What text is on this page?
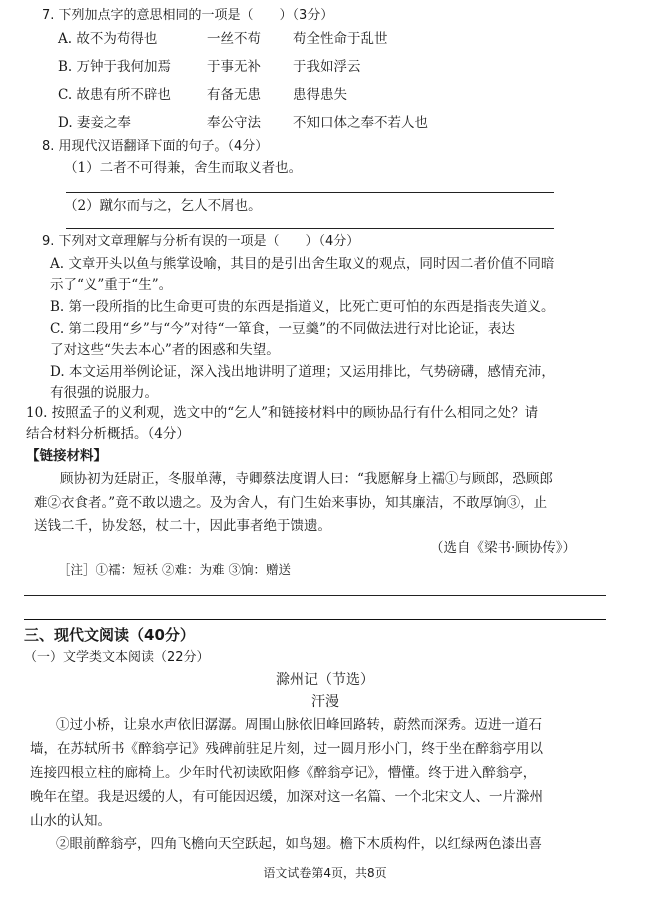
7. 下列加点字的意思相同的一项是（　　）（3分）
A. 故不为苟得也	一丝不苟 苟全性命于乱世
B. 万钟于我何加焉	于事无补 于我如浮云
C. 故患有所不辟也	有备无患 患得患失
D. 妻妾之奉	奉公守法 不知口体之奉不若人也
8. 用现代汉语翻译下面的句子。（4分）
（1）二者不可得兼，舍生而取义者也。
（2）蹴尔而与之，乞人不屑也。
9. 下列对文章理解与分析有误的一项是（　　）（4分）
A. 文章开头以鱼与熊掌设喻，其目的是引出舍生取义的观点，同时因二者价值不同暗
示了“义”重于“生”。
B. 第一段所指的比生命更可贵的东西是指道义，比死亡更可怕的东西是指丧失道义。
C. 第二段用“乡”与“今”对待“一箪食，一豆羹”的不同做法进行对比论证，表达
了对这些“失去本心”者的困惑和失望。
D. 本文运用举例论证，深入浅出地讲明了道理；又运用排比，气势磅礴，感情充沛，
有很强的说服力。
10. 按照孟子的义利观，选文中的“乞人”和链接材料中的顾协品行有什么相同之处？请
结合材料分析概括。（4分）
【链接材料】
顾协初为廷尉正，冬服单薄，寺卿蔡法度谓人曰：“我愿解身上襦①与顾郎，恐顾郎
难②衣食者。”竟不敢以遗之。及为舍人，有门生始来事协，知其廉洁，不敢厚饷③，止
送钱二千，协发怒，杖二十，因此事者绝于馈遗。
（选自《梁书·顾协传》）
［注］①襦：短袄 ②难：为难 ③饷：赠送
三、现代文阅读（40分）
（一）文学类文本阅读（22分）
滁州记（节选）
汗漫
①过小桥，让泉水声依旧潺潺。周围山脉依旧峰回路转，蔚然而深秀。迈进一道石
墙，在苏轼所书《醉翁亭记》残碑前驻足片刻，过一圆月形小门，终于坐在醉翁亭用以
连接四根立柱的廊椅上。少年时代初读欧阳修《醉翁亭记》，懵懂。终于进入醉翁亭，
晚年在望。我是迟缓的人，有可能因迟缓，加深对这一名篇、一个北宋文人、一片滁州
山水的认知。
②眼前醉翁亭，四角飞檐向天空跃起，如鸟翅。檐下木质构件，以红绿两色漆出喜
语文试卷第4页，共8页
